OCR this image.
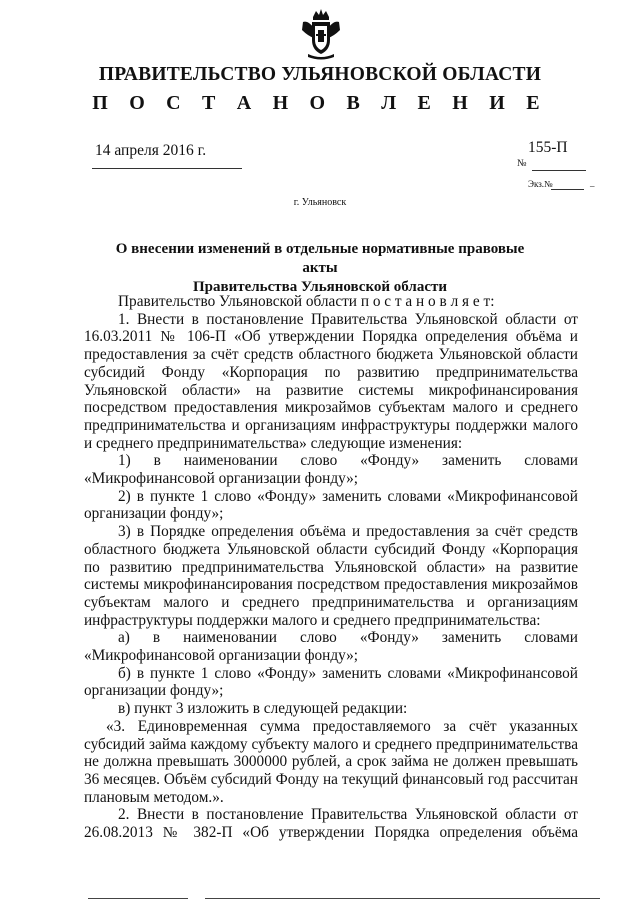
ПРАВИТЕЛЬСТВО УЛЬЯНОВСКОЙ ОБЛАСТИ
П О С Т А Н О В Л Е Н И Е
14 апреля 2016 г.	155-П
№
Экз.№	–
г. Ульяновск
О внесении изменений в отдельные нормативные правовые акты
Правительства Ульяновской области

Правительство Ульяновской области п о с т а н о в л я е т:

1. Внести в постановление Правительства Ульяновской области от 16.03.2011 № 106-П «Об утверждении Порядка определения объёма и предоставления за счёт средств областного бюджета Ульяновской области субсидий Фонду «Корпорация по развитию предпринимательства Ульяновской области» на развитие системы микрофинансирования посредством предоставления микрозаймов субъектам малого и среднего предпринимательства и организациям инфраструктуры поддержки малого и среднего предпринимательства» следующие изменения:

1) в наименовании слово «Фонду» заменить словами «Микрофинансовой организации фонду»;

2) в пункте 1 слово «Фонду» заменить словами «Микрофинансовой организации фонду»;

3) в Порядке определения объёма и предоставления за счёт средств областного бюджета Ульяновской области субсидий Фонду «Корпорация по развитию предпринимательства Ульяновской области» на развитие системы микрофинансирования посредством предоставления микрозаймов субъектам малого и среднего предпринимательства и организациям инфраструктуры поддержки малого и среднего предпринимательства:

а) в наименовании слово «Фонду» заменить словами «Микрофинансовой организации фонду»;

б) в пункте 1 слово «Фонду» заменить словами «Микрофинансовой организации фонду»;

в) пункт 3 изложить в следующей редакции:

«3. Единовременная сумма предоставляемого за счёт указанных субсидий займа каждому субъекту малого и среднего предпринимательства не должна превышать 3000000 рублей, а срок займа не должен превышать 36 месяцев. Объём субсидий Фонду на текущий финансовый год рассчитан плановым методом.».

2. Внести в постановление Правительства Ульяновской области от 26.08.2013 № 382-П «Об утверждении Порядка определения объёма
